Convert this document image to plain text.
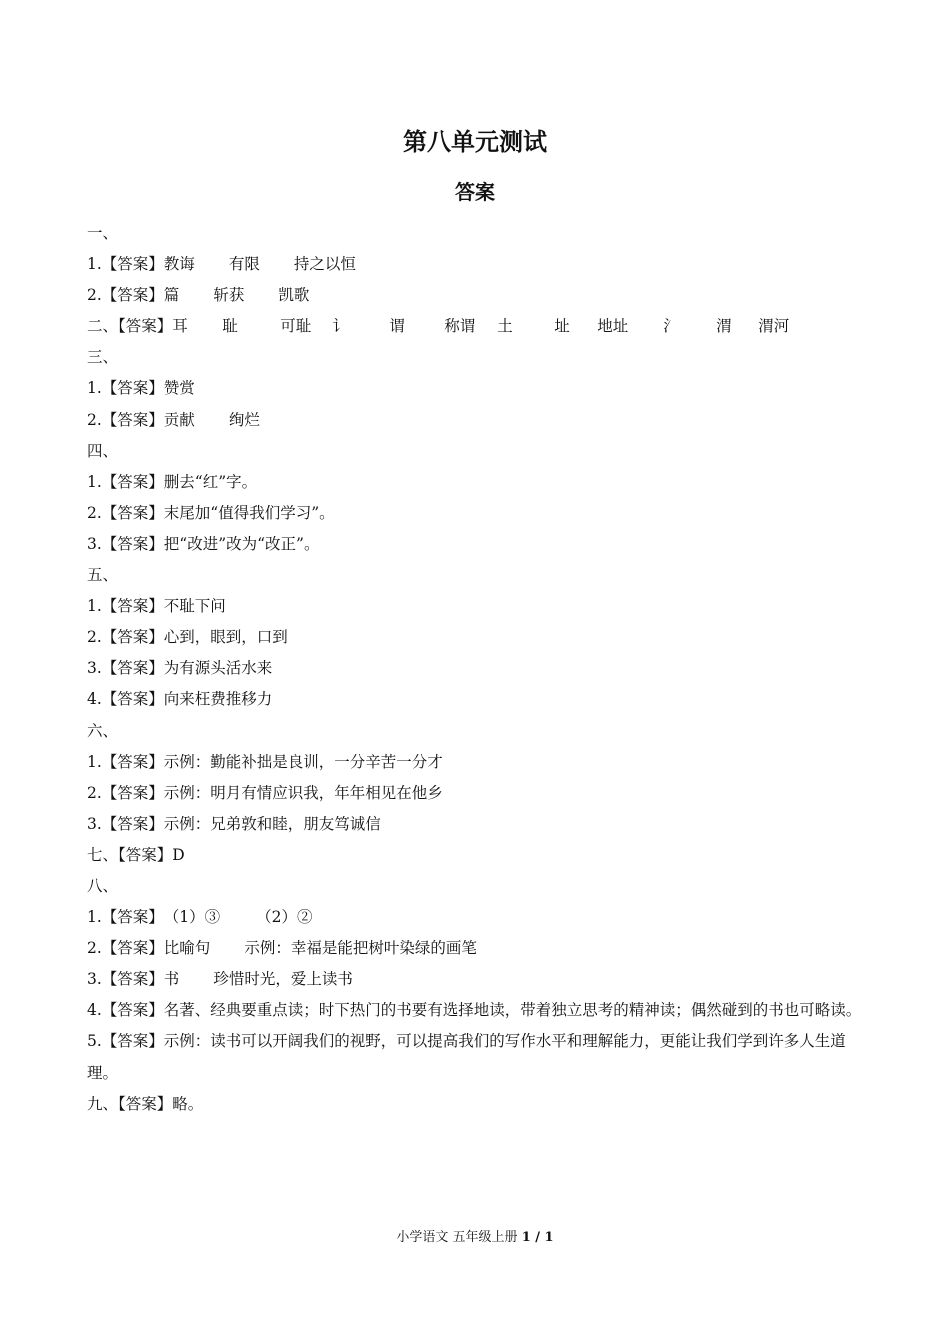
第八单元测试
答案
一、
1.【答案】教诲 有限 持之以恒
2.【答案】篇 斩获 凯歌
二、【答案】耳 耻	可耻 讠	谓	称谓 土	址 地址 氵 渭 渭河
三、
1.【答案】赞赏
2.【答案】贡献 绚烂
四、
1.【答案】删去“红”字。
2.【答案】末尾加“值得我们学习”。
3.【答案】把“改进”改为“改正”。
五、
1.【答案】不耻下问
2.【答案】心到，眼到，口到
3.【答案】为有源头活水来
4.【答案】向来枉费推移力
六、
1.【答案】示例：勤能补拙是良训，一分辛苦一分才
2.【答案】示例：明月有情应识我，年年相见在他乡
3.【答案】示例：兄弟敦和睦，朋友笃诚信
七、【答案】D
八、
1.【答案】（1）③ （2）②
2.【答案】比喻句 示例：幸福是能把树叶染绿的画笔
3.【答案】书 珍惜时光，爱上读书
4.【答案】名著、经典要重点读；时下热门的书要有选择地读，带着独立思考的精神读；偶然碰到的书也可略读。
5.【答案】示例：读书可以开阔我们的视野，可以提高我们的写作水平和理解能力，更能让我们学到许多人生道理。
九、【答案】略。
小学语文 五年级上册 1 / 1
